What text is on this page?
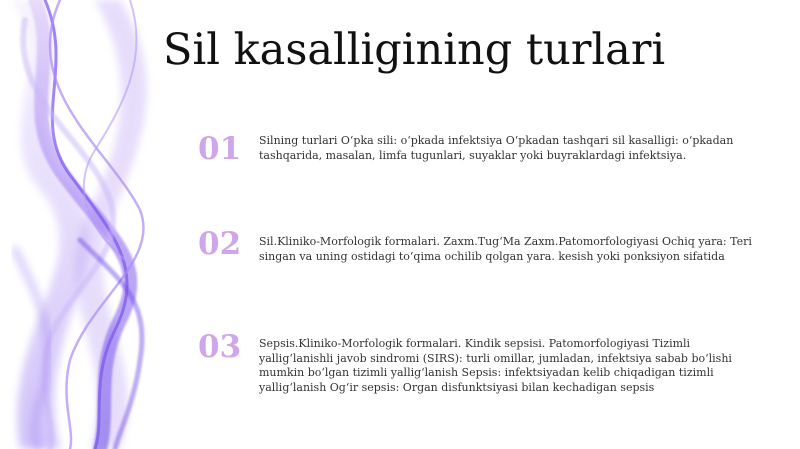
Sil kasalligining turlari
01	Silning turlari O‘pka sili: o‘pkada infektsiya O‘pkadan tashqari sil kasalligi: o‘pkadan tashqarida, masalan, limfa tugunlari, suyaklar yoki buyraklardagi infektsiya.
02	Sil.Kliniko-Morfologik formalari. Zaxm.Tug‘Ma Zaxm.Patomorfologiyasi Ochiq yara: Teri singan va uning ostidagi to‘qima ochilib qolgan yara. kesish yoki ponksiyon sifatida
03	Sepsis.Kliniko-Morfologik formalari. Kindik sepsisi. Patomorfologiyasi Tizimli yallig‘lanishli javob sindromi (SIRS): turli omillar, jumladan, infektsiya sabab bo‘lishi mumkin bo‘lgan tizimli yallig‘lanish Sepsis: infektsiyadan kelib chiqadigan tizimli yallig‘lanish Og‘ir sepsis: Organ disfunktsiyasi bilan kechadigan sepsis
